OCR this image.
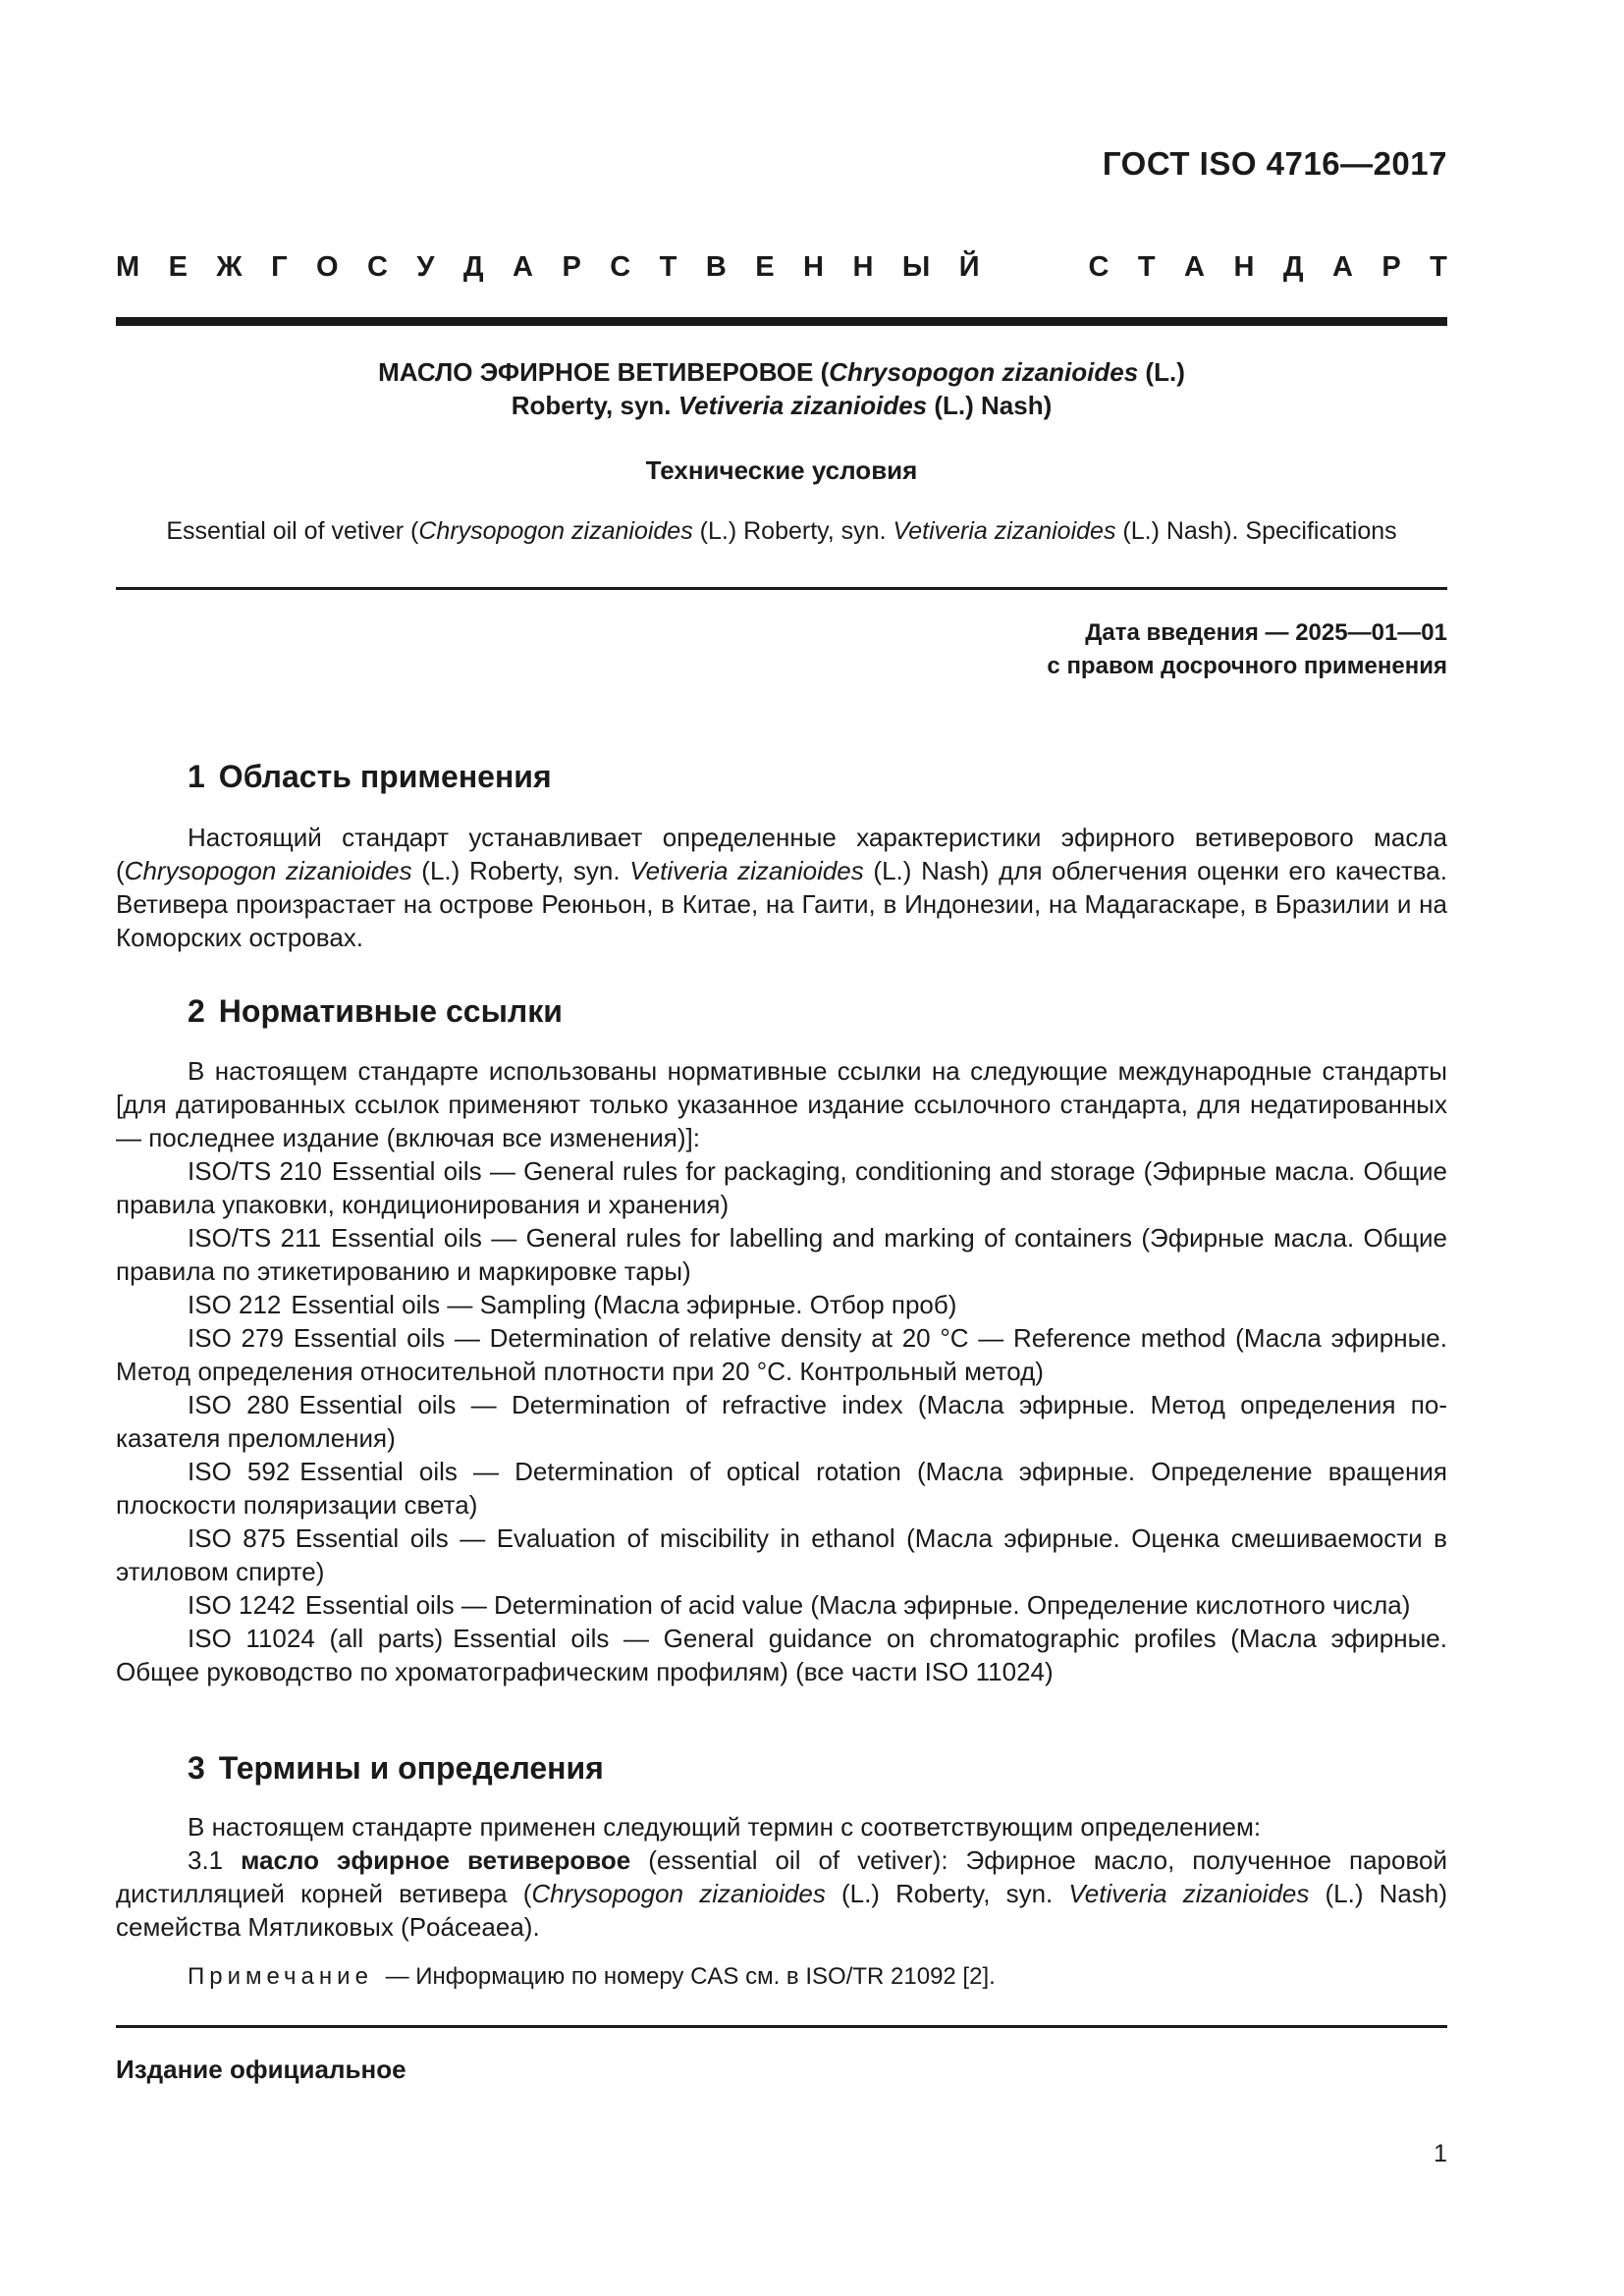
ГОСТ ISO 4716—2017
М Е Ж Г О С У Д А Р С Т В Е Н Н Ы Й	С Т А Н Д А Р Т
МАСЛО ЭФИРНОЕ ВЕТИВЕРОВОЕ (Chrysopogon zizanioides (L.)
Roberty, syn. Vetiveria zizanioides (L.) Nash)
Технические условия
Essential oil of vetiver (Chrysopogon zizanioides (L.) Roberty, syn. Vetiveria zizanioides (L.) Nash). Specifications
Дата введения — 2025—01—01
с правом досрочного применения
1 Область применения

Настоящий стандарт устанавливает определенные характеристики эфирного ветиверового масла (Chrysopogon zizanioides (L.) Roberty, syn. Vetiveria zizanioides (L.) Nash) для облегчения оценки его качества. Ветивера произрастает на острове Реюньон, в Китае, на Гаити, в Индонезии, на Мадагаскаре, в Бразилии и на Коморских островах.

2 Нормативные ссылки

В настоящем стандарте использованы нормативные ссылки на следующие международные стандарты [для датированных ссылок применяют только указанное издание ссылочного стандарта, для недатированных — последнее издание (включая все изменения)]:

ISO/TS 210 Essential oils — General rules for packaging, conditioning and storage (Эфирные масла. Общие правила упаковки, кондиционирования и хранения)

ISO/TS 211 Essential oils — General rules for labelling and marking of containers (Эфирные масла. Общие правила по этикетированию и маркировке тары)

ISO 212 Essential oils — Sampling (Масла эфирные. Отбор проб)

ISO 279 Essential oils — Determination of relative density at 20 °C — Reference method (Масла эфирные. Метод определения относительной плотности при 20 °C. Контрольный метод)

ISO 280 Essential oils — Determination of refractive index (Масла эфирные. Метод определения показателя преломления)

ISO 592 Essential oils — Determination of optical rotation (Масла эфирные. Определение вращения плоскости поляризации света)

ISO 875 Essential oils — Evaluation of miscibility in ethanol (Масла эфирные. Оценка смешиваемости в этиловом спирте)

ISO 1242 Essential oils — Determination of acid value (Масла эфирные. Определение кислотного числа)

ISO 11024 (all parts) Essential oils — General guidance on chromatographic profiles (Масла эфирные. Общее руководство по хроматографическим профилям) (все части ISO 11024)

3 Термины и определения

В настоящем стандарте применен следующий термин с соответствующим определением:

3.1 масло эфирное ветиверовое (essential oil of vetiver): Эфирное масло, полученное паровой дистилляцией корней ветивера (Chrysopogon zizanioides (L.) Roberty, syn. Vetiveria zizanioides (L.) Nash) семейства Мятликовых (Poáceaea).

Примечание — Информацию по номеру CAS см. в ISO/TR 21092 [2].
Издание официальное
1
